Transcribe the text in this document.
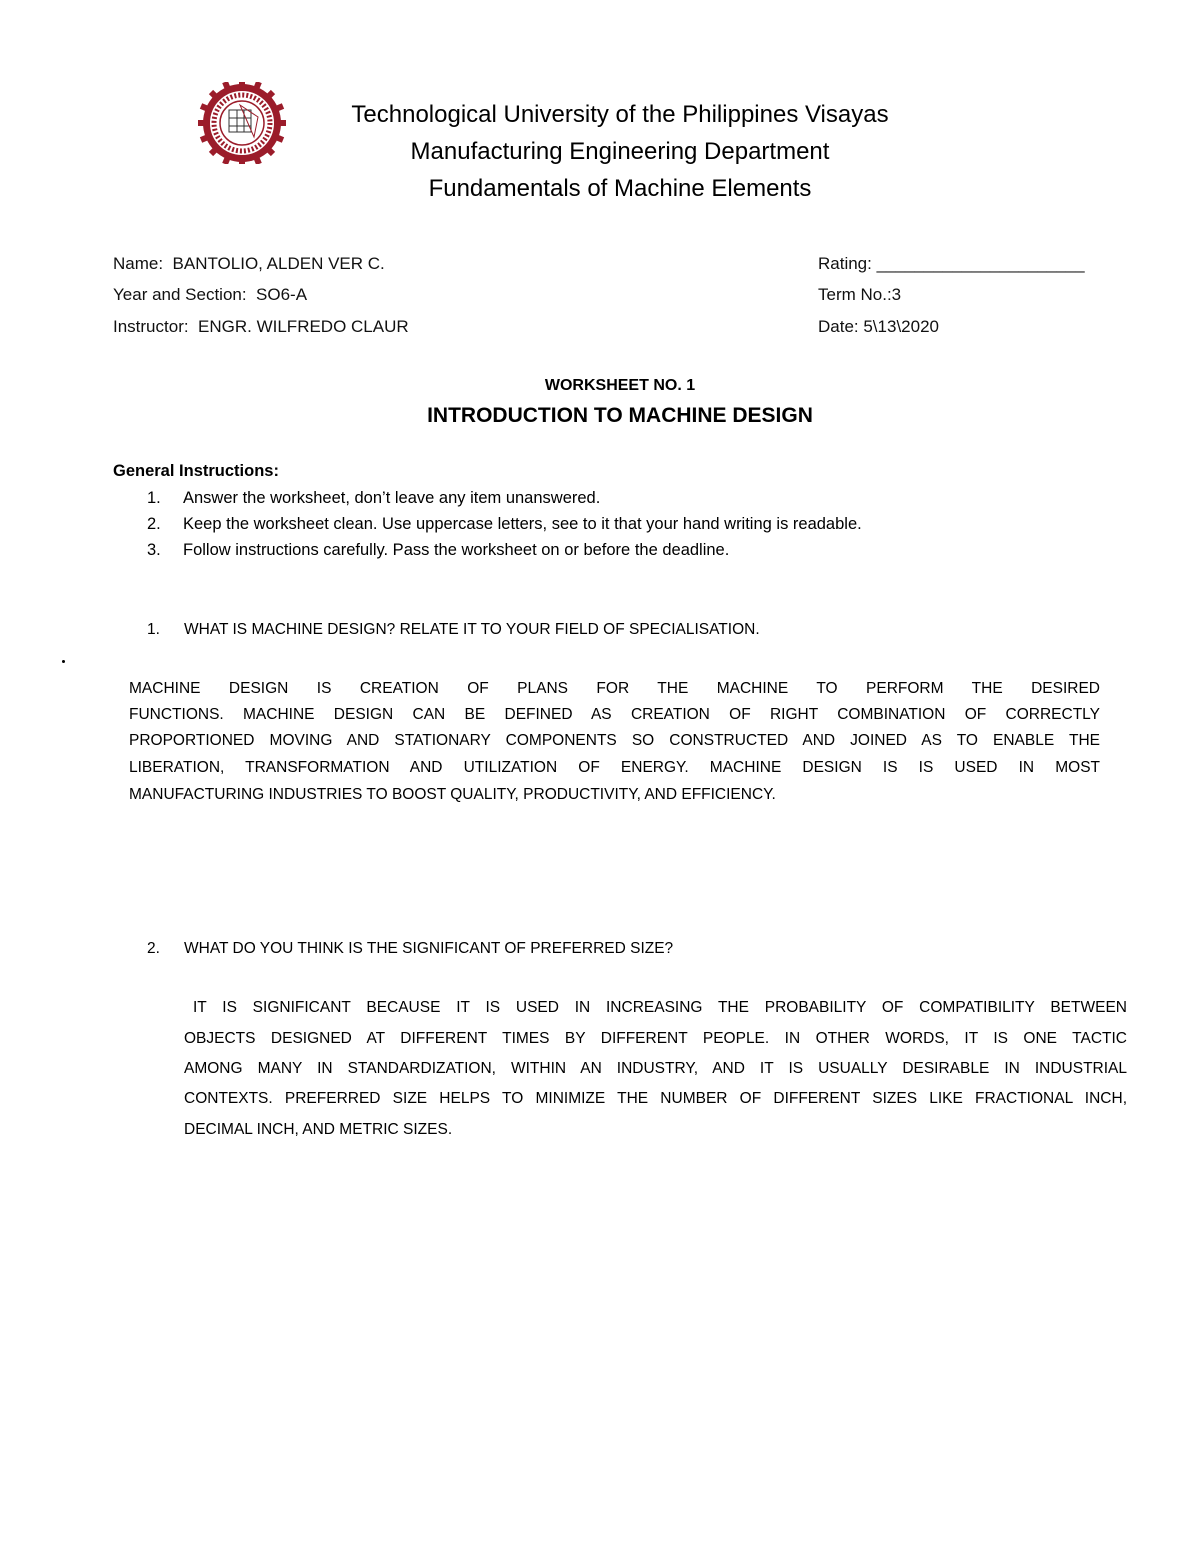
Technological University of the Philippines Visayas
Manufacturing Engineering Department
Fundamentals of Machine Elements
Name:  BANTOLIO, ALDEN VER C.
Year and Section:  SO6-A
Instructor:  ENGR. WILFREDO CLAUR
Rating: ______________________
Term No.:3
Date: 5\13\2020
WORKSHEET NO. 1
INTRODUCTION TO MACHINE DESIGN
General Instructions:
1.	Answer the worksheet, don’t leave any item unanswered.
2.	Keep the worksheet clean. Use uppercase letters, see to it that your hand writing is readable.
3.	Follow instructions carefully. Pass the worksheet on or before the deadline.
1. WHAT IS MACHINE DESIGN? RELATE IT TO YOUR FIELD OF SPECIALISATION.
MACHINE DESIGN IS CREATION OF PLANS FOR THE MACHINE TO PERFORM THE DESIRED
FUNCTIONS. MACHINE DESIGN CAN BE DEFINED AS CREATION OF RIGHT COMBINATION OF CORRECTLY
PROPORTIONED MOVING AND STATIONARY COMPONENTS SO CONSTRUCTED AND JOINED AS TO ENABLE THE
LIBERATION, TRANSFORMATION AND UTILIZATION OF ENERGY. MACHINE DESIGN IS IS USED IN MOST
MANUFACTURING INDUSTRIES TO BOOST QUALITY, PRODUCTIVITY, AND EFFICIENCY.
2. WHAT DO YOU THINK IS THE SIGNIFICANT OF PREFERRED SIZE?
IT IS SIGNIFICANT BECAUSE IT IS USED IN INCREASING THE PROBABILITY OF COMPATIBILITY BETWEEN
OBJECTS DESIGNED AT DIFFERENT TIMES BY DIFFERENT PEOPLE. IN OTHER WORDS, IT IS ONE TACTIC
AMONG MANY IN STANDARDIZATION, WITHIN AN INDUSTRY, AND IT IS USUALLY DESIRABLE IN INDUSTRIAL
CONTEXTS. PREFERRED SIZE HELPS TO MINIMIZE THE NUMBER OF DIFFERENT SIZES LIKE FRACTIONAL INCH,
DECIMAL INCH, AND METRIC SIZES.
